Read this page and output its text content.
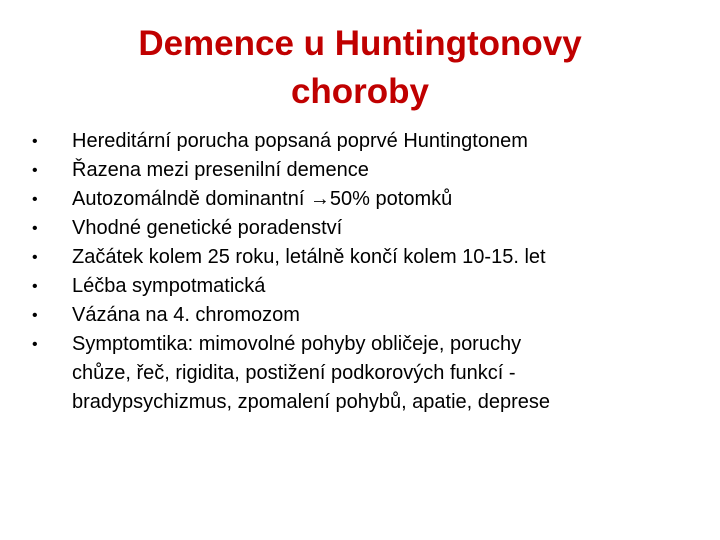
Demence u Huntingtonovy
choroby
•	Hereditární porucha popsaná poprvé Huntingtonem
•	Řazena mezi presenilní demence
•	Autozomálndě dominantní →50% potomků
•	Vhodné genetické poradenství
•	Začátek kolem 25 roku, letálně končí kolem 10-15. let
•	Léčba sympotmatická
•	Vázána na 4. chromozom
•	Symptomtika: mimovolné pohyby obličeje, poruchy
chůze, řeč, rigidita, postižení podkorových funkcí -
bradypsychizmus, zpomalení pohybů, apatie, deprese
